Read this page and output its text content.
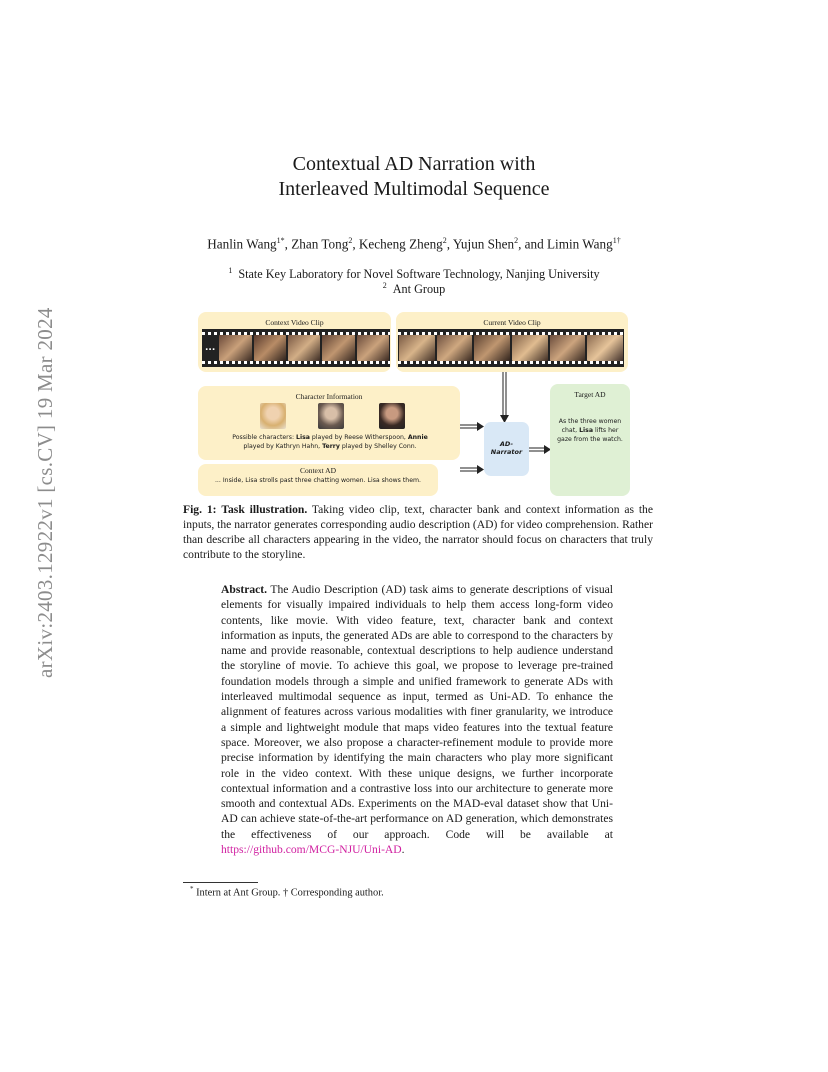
arXiv:2403.12922v1 [cs.CV] 19 Mar 2024
Contextual AD Narration with
Interleaved Multimodal Sequence
Hanlin Wang$^{1*}$, Zhan Tong$^2$, Kecheng Zheng$^2$, Yujun Shen$^2$, and Limin Wang$^{1\dagger}$
$^1$ State Key Laboratory for Novel Software Technology, Nanjing University
$^2$ Ant Group
Context Video Clip
...
Current Video Clip
Character Information
Possible characters: Lisa played by Reese Witherspoon, Annie
played by Kathryn Hahn, Terry played by Shelley Conn.
Context AD
... Inside, Lisa strolls past three chatting women. Lisa shows them.
AD-
Narrator
Target AD
As the three women chat, Lisa lifts her gaze from the watch.
Fig. 1: Task illustration. Taking video clip, text, character bank and context information as the inputs, the narrator generates corresponding audio description (AD) for video comprehension. Rather than describe all characters appearing in the video, the narrator should focus on characters that truly contribute to the storyline.
Abstract. The Audio Description (AD) task aims to generate descriptions of visual elements for visually impaired individuals to help them access long-form video contents, like movie. With video feature, text, character bank and context information as inputs, the generated ADs are able to correspond to the characters by name and provide reasonable, contextual descriptions to help audience understand the storyline of movie. To achieve this goal, we propose to leverage pre-trained foundation models through a simple and unified framework to generate ADs with interleaved multimodal sequence as input, termed as Uni-AD. To enhance the alignment of features across various modalities with finer granularity, we introduce a simple and lightweight module that maps video features into the textual feature space. Moreover, we also propose a character-refinement module to provide more precise information by identifying the main characters who play more significant role in the video context. With these unique designs, we further incorporate contextual information and a contrastive loss into our architecture to generate more smooth and contextual ADs. Experiments on the MAD-eval dataset show that Uni-AD can achieve state-of-the-art performance on AD generation, which demonstrates the effectiveness of our approach. Code will be available at https://github.com/MCG-NJU/Uni-AD.
* Intern at Ant Group. † Corresponding author.
